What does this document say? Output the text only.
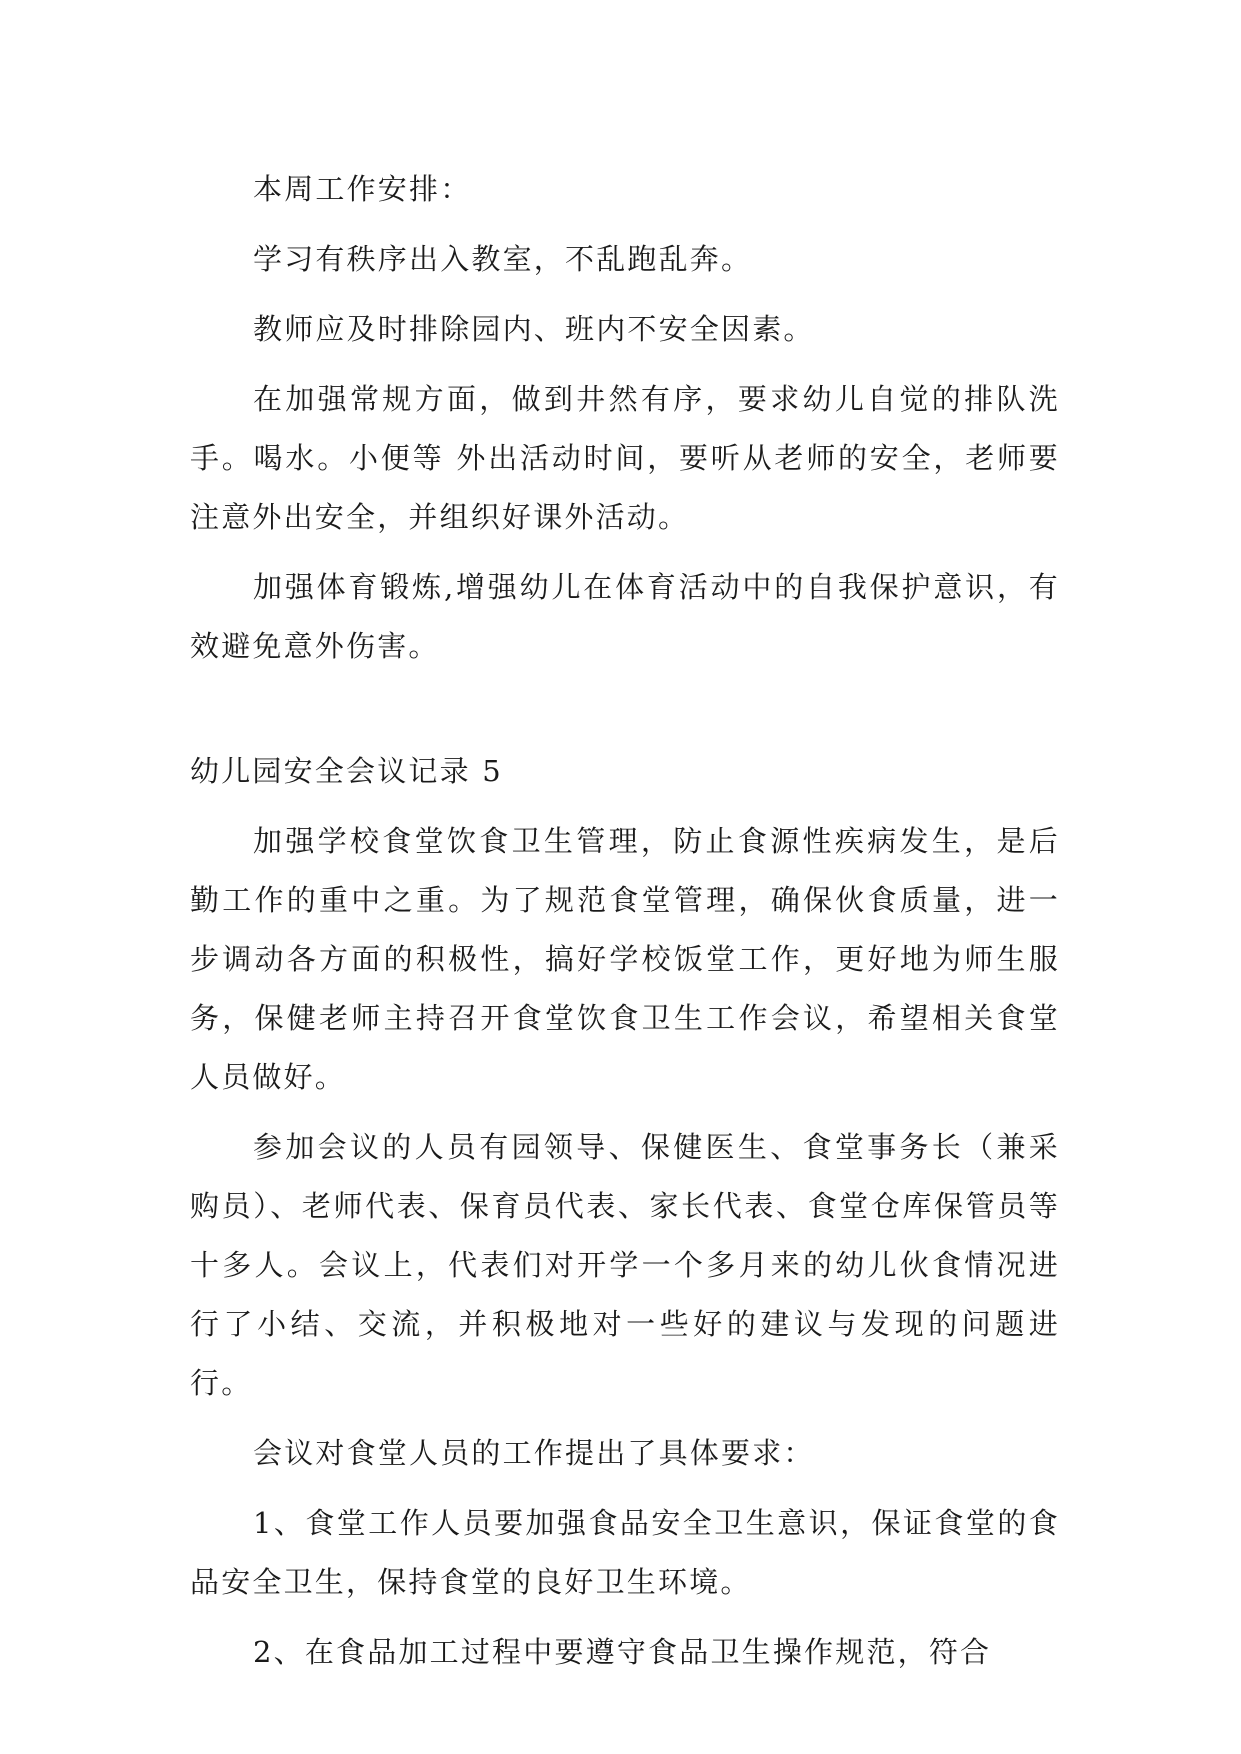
本周工作安排：

学习有秩序出入教室，不乱跑乱奔。

教师应及时排除园内、班内不安全因素。

在加强常规方面，做到井然有序，要求幼儿自觉的排队洗手。喝水。小便等 外出活动时间，要听从老师的安全，老师要注意外出安全，并组织好课外活动。

加强体育锻炼,增强幼儿在体育活动中的自我保护意识，有效避免意外伤害。

幼儿园安全会议记录 5

加强学校食堂饮食卫生管理，防止食源性疾病发生，是后勤工作的重中之重。为了规范食堂管理，确保伙食质量，进一步调动各方面的积极性，搞好学校饭堂工作，更好地为师生服务，保健老师主持召开食堂饮食卫生工作会议，希望相关食堂人员做好。

参加会议的人员有园领导、保健医生、食堂事务长（兼采购员）、老师代表、保育员代表、家长代表、食堂仓库保管员等十多人。会议上，代表们对开学一个多月来的幼儿伙食情况进行了小结、交流，并积极地对一些好的建议与发现的问题进行。

会议对食堂人员的工作提出了具体要求：

1、食堂工作人员要加强食品安全卫生意识，保证食堂的食品安全卫生，保持食堂的良好卫生环境。

2、在食品加工过程中要遵守食品卫生操作规范，符合
